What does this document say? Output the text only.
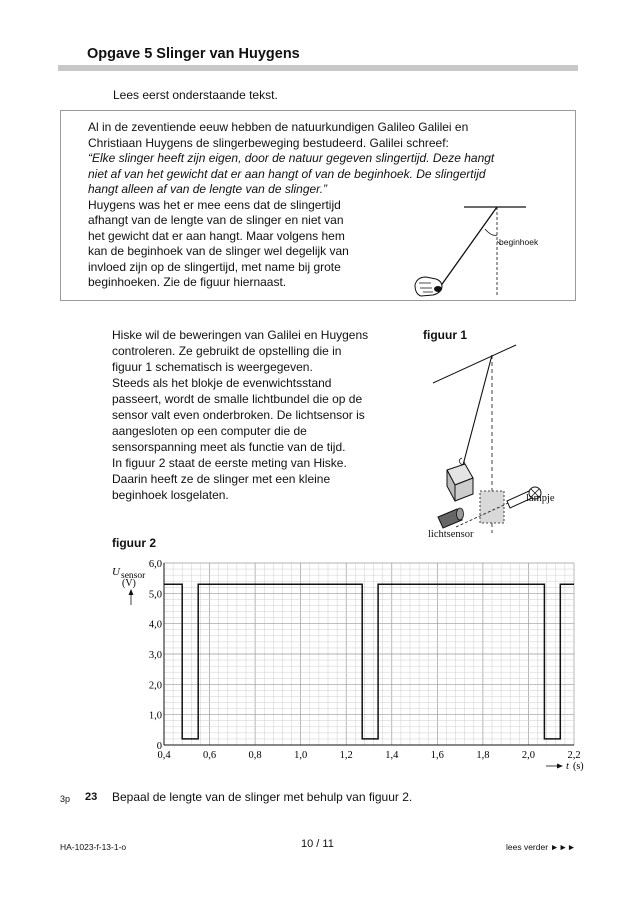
Opgave 5 Slinger van Huygens
Lees eerst onderstaande tekst.
Al in de zeventiende eeuw hebben de natuurkundigen Galileo Galilei en
Christiaan Huygens de slingerbeweging bestudeerd. Galilei schreef:
“Elke slinger heeft zijn eigen, door de natuur gegeven slingertijd. Deze hangt
niet af van het gewicht dat er aan hangt of van de beginhoek. De slingertijd
hangt alleen af van de lengte van de slinger.”
Huygens was het er mee eens dat de slingertijd
afhangt van de lengte van de slinger en niet van
het gewicht dat er aan hangt. Maar volgens hem
kan de beginhoek van de slinger wel degelijk van
invloed zijn op de slingertijd, met name bij grote
beginhoeken. Zie de figuur hiernaast.
beginhoek
Hiske wil de beweringen van Galilei en Huygens
controleren. Ze gebruikt de opstelling die in
figuur 1 schematisch is weergegeven.
Steeds als het blokje de evenwichtsstand
passeert, wordt de smalle lichtbundel die op de
sensor valt even onderbroken. De lichtsensor is
aangesloten op een computer die de
sensorspanning meet als functie van de tijd.
In figuur 2 staat de eerste meting van Hiske.
Daarin heeft ze de slinger met een kleine
beginhoek losgelaten.
figuur 1
lampje
lichtsensor
figuur 2
0,4	0,6	0,8	1,0	1,2	1,4	1,6	1,8	2,0	2,2
0
1,0
2,0
3,0
4,0
5,0
6,0
U sensor
(V)
t (s)
3p 23 Bepaal de lengte van de slinger met behulp van figuur 2.
HA-1023-f-13-1-o	10 / 11	lees verder ►►►
